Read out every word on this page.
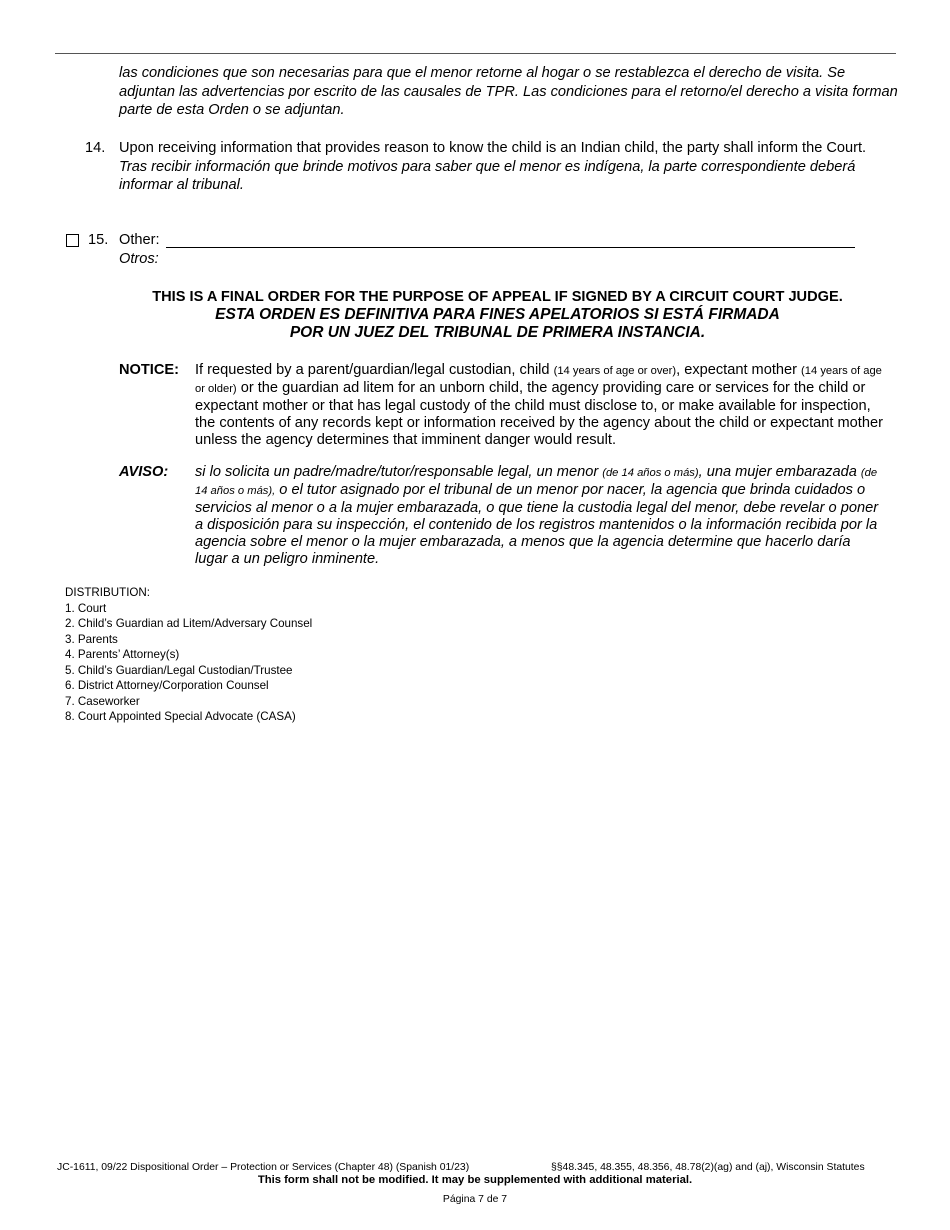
las condiciones que son necesarias para que el menor retorne al hogar o se restablezca el derecho de visita. Se adjuntan las advertencias por escrito de las causales de TPR. Las condiciones para el retorno/el derecho a visita forman parte de esta Orden o se adjuntan.

14. Upon receiving information that provides reason to know the child is an Indian child, the party shall inform the Court.
Tras recibir información que brinde motivos para saber que el menor es indígena, la parte correspondiente deberá informar al tribunal.
15. Other:
Otros:
THIS IS A FINAL ORDER FOR THE PURPOSE OF APPEAL IF SIGNED BY A CIRCUIT COURT JUDGE.
ESTA ORDEN ES DEFINITIVA PARA FINES APELATORIOS SI ESTÁ FIRMADA
POR UN JUEZ DEL TRIBUNAL DE PRIMERA INSTANCIA.
NOTICE: If requested by a parent/guardian/legal custodian, child (14 years of age or over), expectant mother (14 years of age or older) or the guardian ad litem for an unborn child, the agency providing care or services for the child or expectant mother or that has legal custody of the child must disclose to, or make available for inspection, the contents of any records kept or information received by the agency about the child or expectant mother unless the agency determines that imminent danger would result.

AVISO: si lo solicita un padre/madre/tutor/responsable legal, un menor (de 14 años o más), una mujer embarazada (de 14 años o más), o el tutor asignado por el tribunal de un menor por nacer, la agencia que brinda cuidados o servicios al menor o a la mujer embarazada, o que tiene la custodia legal del menor, debe revelar o poner a disposición para su inspección, el contenido de los registros mantenidos o la información recibida por la agencia sobre el menor o la mujer embarazada, a menos que la agencia determine que hacerlo daría lugar a un peligro inminente.

DISTRIBUTION:
1. Court
2. Child’s Guardian ad Litem/Adversary Counsel
3. Parents
4. Parents’ Attorney(s)
5. Child’s Guardian/Legal Custodian/Trustee
6. District Attorney/Corporation Counsel
7. Caseworker
8. Court Appointed Special Advocate (CASA)
JC-1611, 09/22 Dispositional Order – Protection or Services (Chapter 48) (Spanish 01/23)	§§48.345, 48.355, 48.356, 48.78(2)(ag) and (aj), Wisconsin Statutes
This form shall not be modified. It may be supplemented with additional material.
Página 7 de 7
